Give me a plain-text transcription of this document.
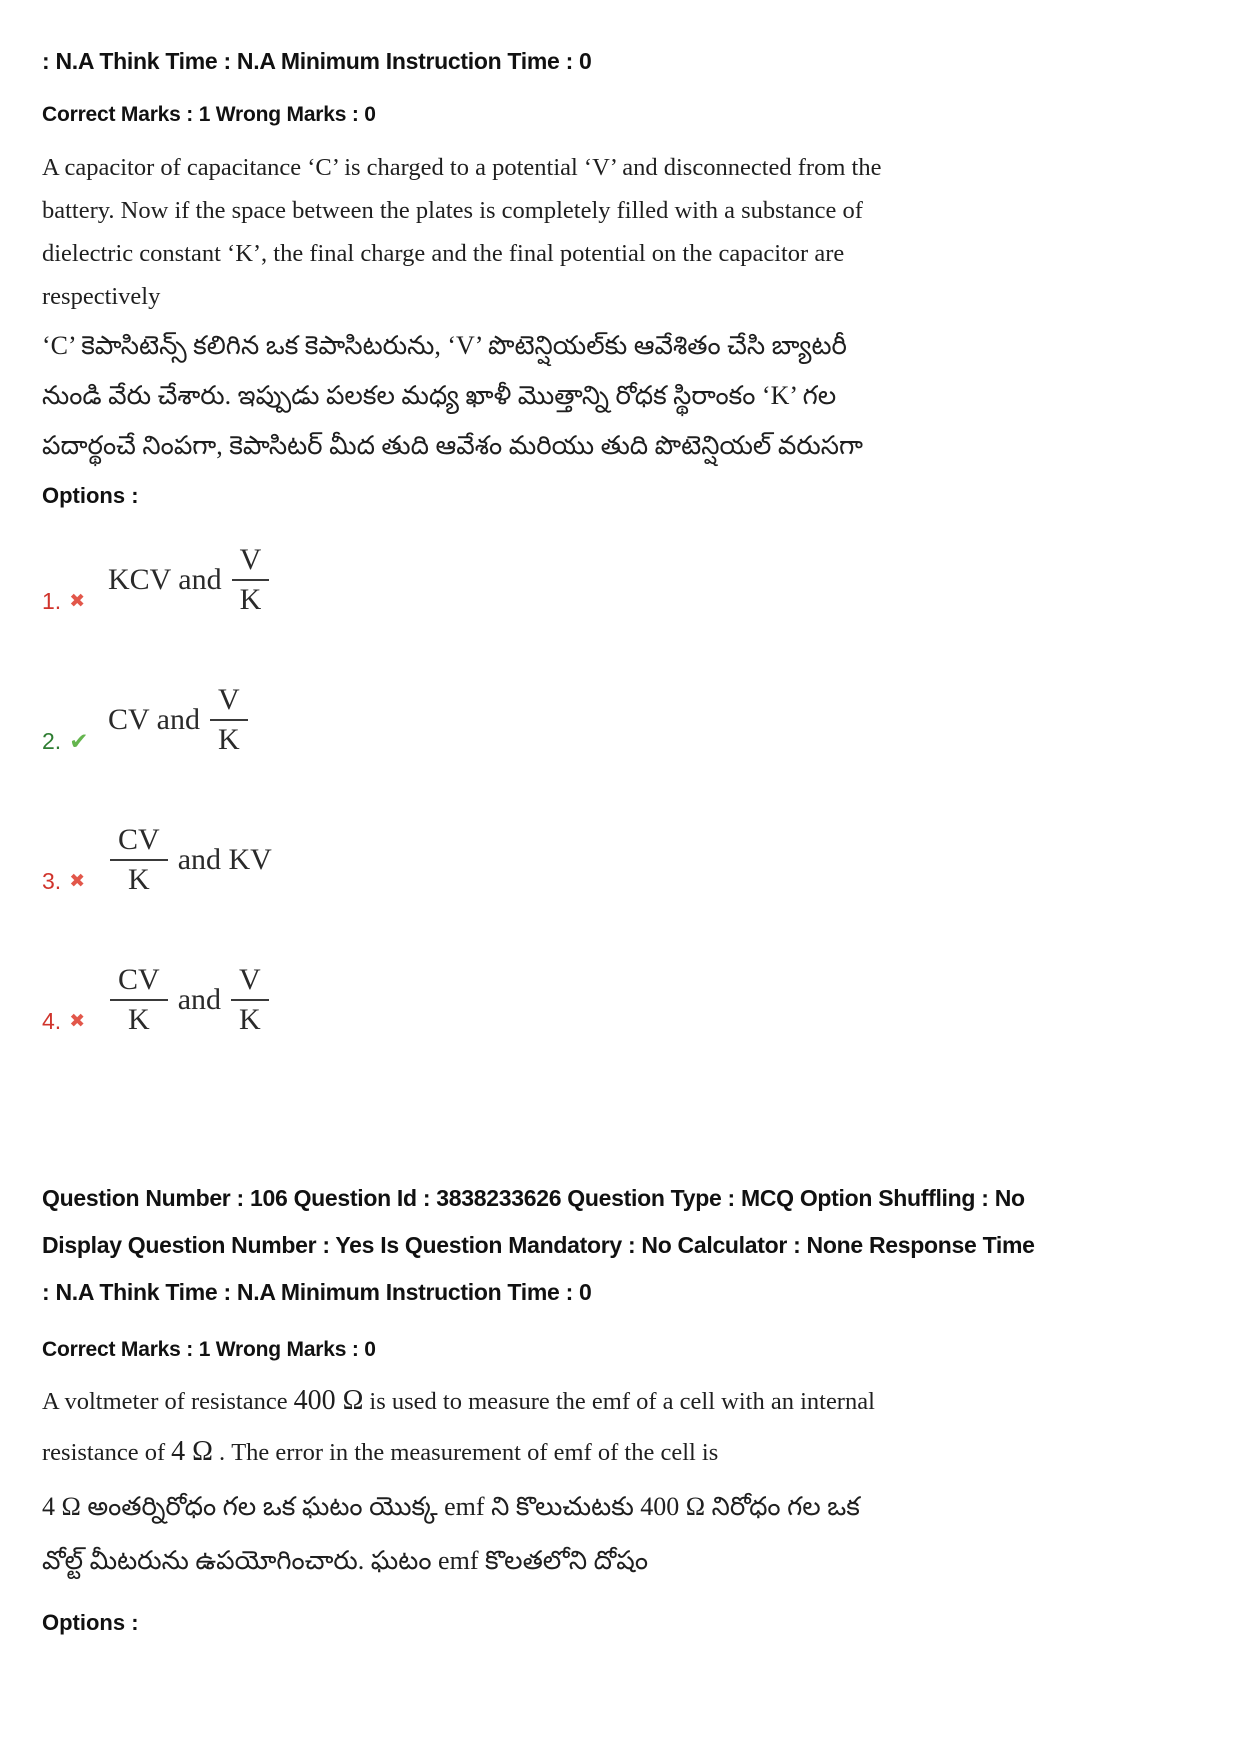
: N.A Think Time : N.A Minimum Instruction Time : 0

Correct Marks : 1 Wrong Marks : 0

A capacitor of capacitance ‘C’ is charged to a potential ‘V’ and disconnected from the
battery. Now if the space between the plates is completely filled with a substance of
dielectric constant ‘K’, the final charge and the final potential on the capacitor are
respectively
‘C’ కెపాసిటెన్స్ కలిగిన ఒక కెపాసిటరును, ‘V’ పొటెన్షియల్‌కు ఆవేశితం చేసి బ్యాటరీ
నుండి వేరు చేశారు. ఇప్పుడు పలకల మధ్య ఖాళీ మొత్తాన్ని రోధక స్థిరాంకం ‘K’ గల
పదార్థంచే నింపగా, కెపాసిటర్ మీద తుది ఆవేశం మరియు తుది పొటెన్షియల్ వరుసగా

Options :

1. ✖
KCV and $\frac{V}{K}$
2. ✔
CV and $\frac{V}{K}$
3. ✖ $\frac{CV}{K}$ and KV
4. ✖ $\frac{CV}{K}$ and $\frac{V}{K}$
Question Number : 106 Question Id : 3838233626 Question Type : MCQ Option Shuffling : No
Display Question Number : Yes Is Question Mandatory : No Calculator : None Response Time
: N.A Think Time : N.A Minimum Instruction Time : 0

Correct Marks : 1 Wrong Marks : 0

A voltmeter of resistance 400 Ω is used to measure the emf of a cell with an internal
resistance of 4 Ω . The error in the measurement of emf of the cell is
4 Ω అంతర్నిరోధం గల ఒక ఘటం యొక్క emf ని కొలుచుటకు 400 Ω నిరోధం గల ఒక
వోల్ట్ మీటరును ఉపయోగించారు. ఘటం emf కొలతలోని దోషం

Options :
